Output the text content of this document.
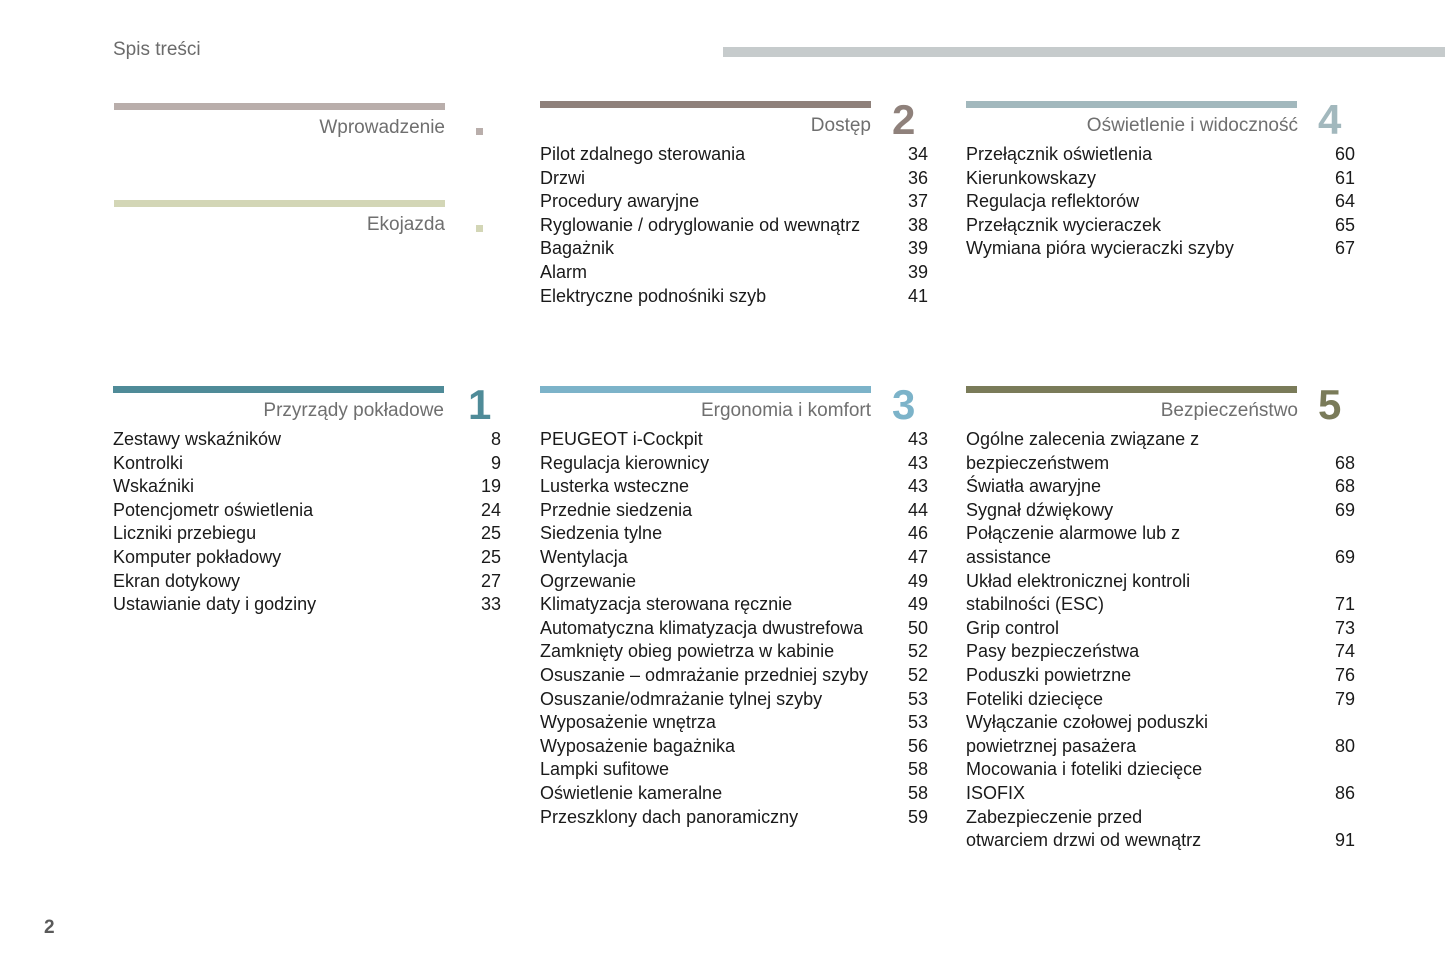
Spis treści
Wprowadzenie
Ekojazda
Dostęp 2
Pilot zdalnego sterowania	34
Drzwi	36
Procedury awaryjne	37
Ryglowanie / odryglowanie od wewnątrz	38
Bagażnik	39
Alarm	39
Elektryczne podnośniki szyb	41
Oświetlenie i widoczność 4
Przełącznik oświetlenia	60
Kierunkowskazy	61
Regulacja reflektorów	64
Przełącznik wycieraczek	65
Wymiana pióra wycieraczki szyby	67
Przyrządy pokładowe 1
Zestawy wskaźników	8
Kontrolki	9
Wskaźniki	19
Potencjometr oświetlenia	24
Liczniki przebiegu	25
Komputer pokładowy	25
Ekran dotykowy	27
Ustawianie daty i godziny	33
Ergonomia i komfort 3
PEUGEOT i-Cockpit	43
Regulacja kierownicy	43
Lusterka wsteczne	43
Przednie siedzenia	44
Siedzenia tylne	46
Wentylacja	47
Ogrzewanie	49
Klimatyzacja sterowana ręcznie	49
Automatyczna klimatyzacja dwustrefowa	50
Zamknięty obieg powietrza w kabinie	52
Osuszanie – odmrażanie przedniej szyby	52
Osuszanie/odmrażanie tylnej szyby	53
Wyposażenie wnętrza	53
Wyposażenie bagażnika	56
Lampki sufitowe	58
Oświetlenie kameralne	58
Przeszklony dach panoramiczny	59
Bezpieczeństwo 5
Ogólne zalecenia związane z bezpieczeństwem	68
Światła awaryjne	68
Sygnał dźwiękowy	69
Połączenie alarmowe lub z assistance	69
Układ elektronicznej kontroli stabilności (ESC)	71
Grip control	73
Pasy bezpieczeństwa	74
Poduszki powietrzne	76
Foteliki dziecięce	79
Wyłączanie czołowej poduszki powietrznej pasażera	80
Mocowania i foteliki dziecięce ISOFIX	86
Zabezpieczenie przed otwarciem drzwi od wewnątrz	91
2
